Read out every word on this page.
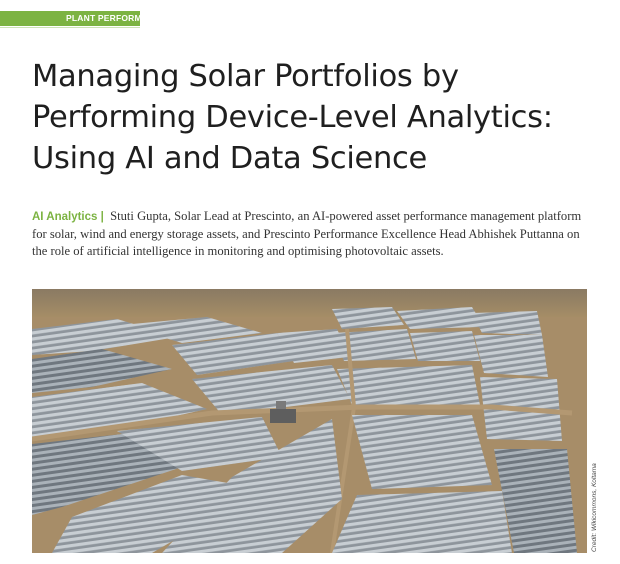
PLANT PERFORMANCE
Managing Solar Portfolios by Performing Device-Level Analytics: Using AI and Data Science

AI Analytics | Stuti Gupta, Solar Lead at Prescinto, an AI-powered asset performance management platform for solar, wind and energy storage assets, and Prescinto Performance Excellence Head Abhishek Puttanna on the role of artificial intelligence in monitoring and optimising photovoltaic assets.

Credit: Wikicommons, Koltama
